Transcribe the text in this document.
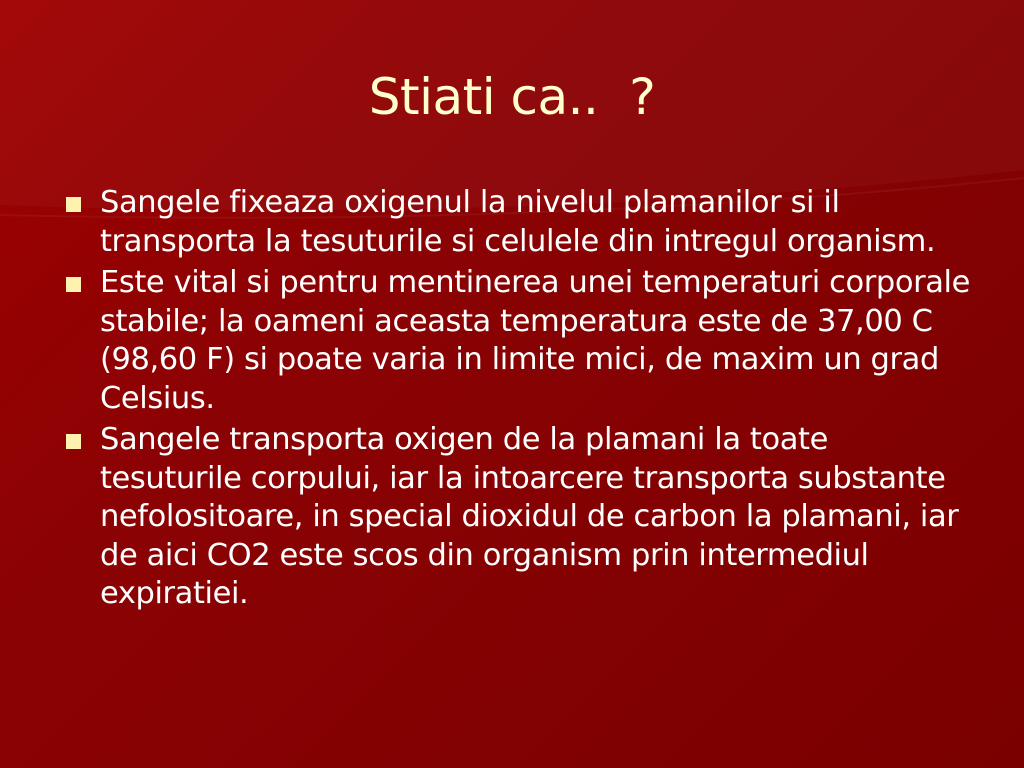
Stiati ca..  ?
Sangele fixeaza oxigenul la nivelul plamanilor si il transporta la tesuturile si celulele din intregul organism.
Este vital si pentru mentinerea unei temperaturi corporale stabile; la oameni aceasta temperatura este de 37,00 C (98,60 F) si poate varia in limite mici, de maxim un grad Celsius.
Sangele transporta oxigen de la plamani la toate tesuturile corpului, iar la intoarcere transporta substante nefolositoare, in special dioxidul de carbon la plamani, iar de aici CO2 este scos din organism prin intermediul expiratiei.
